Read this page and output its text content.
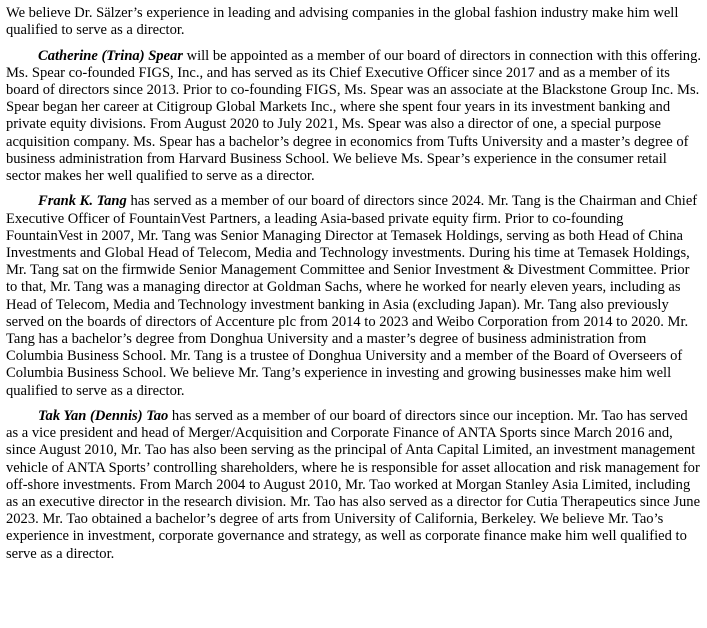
We believe Dr. Sälzer’s experience in leading and advising companies in the global fashion industry make him well qualified to serve as a director.

Catherine (Trina) Spear will be appointed as a member of our board of directors in connection with this offering. Ms. Spear co-founded FIGS, Inc., and has served as its Chief Executive Officer since 2017 and as a member of its board of directors since 2013. Prior to co-founding FIGS, Ms. Spear was an associate at the Blackstone Group Inc. Ms. Spear began her career at Citigroup Global Markets Inc., where she spent four years in its investment banking and private equity divisions. From August 2020 to July 2021, Ms. Spear was also a director of one, a special purpose acquisition company. Ms. Spear has a bachelor’s degree in economics from Tufts University and a master’s degree of business administration from Harvard Business School. We believe Ms. Spear’s experience in the consumer retail sector makes her well qualified to serve as a director.

Frank K. Tang has served as a member of our board of directors since 2024. Mr. Tang is the Chairman and Chief Executive Officer of FountainVest Partners, a leading Asia-based private equity firm. Prior to co-founding FountainVest in 2007, Mr. Tang was Senior Managing Director at Temasek Holdings, serving as both Head of China Investments and Global Head of Telecom, Media and Technology investments. During his time at Temasek Holdings, Mr. Tang sat on the firmwide Senior Management Committee and Senior Investment & Divestment Committee. Prior to that, Mr. Tang was a managing director at Goldman Sachs, where he worked for nearly eleven years, including as Head of Telecom, Media and Technology investment banking in Asia (excluding Japan). Mr. Tang also previously served on the boards of directors of Accenture plc from 2014 to 2023 and Weibo Corporation from 2014 to 2020. Mr. Tang has a bachelor’s degree from Donghua University and a master’s degree of business administration from Columbia Business School. Mr. Tang is a trustee of Donghua University and a member of the Board of Overseers of Columbia Business School. We believe Mr. Tang’s experience in investing and growing businesses make him well qualified to serve as a director.

Tak Yan (Dennis) Tao has served as a member of our board of directors since our inception. Mr. Tao has served as a vice president and head of Merger/Acquisition and Corporate Finance of ANTA Sports since March 2016 and, since August 2010, Mr. Tao has also been serving as the principal of Anta Capital Limited, an investment management vehicle of ANTA Sports’ controlling shareholders, where he is responsible for asset allocation and risk management for off-shore investments. From March 2004 to August 2010, Mr. Tao worked at Morgan Stanley Asia Limited, including as an executive director in the research division. Mr. Tao has also served as a director for Cutia Therapeutics since June 2023. Mr. Tao obtained a bachelor’s degree of arts from University of California, Berkeley. We believe Mr. Tao’s experience in investment, corporate governance and strategy, as well as corporate finance make him well qualified to serve as a director.
